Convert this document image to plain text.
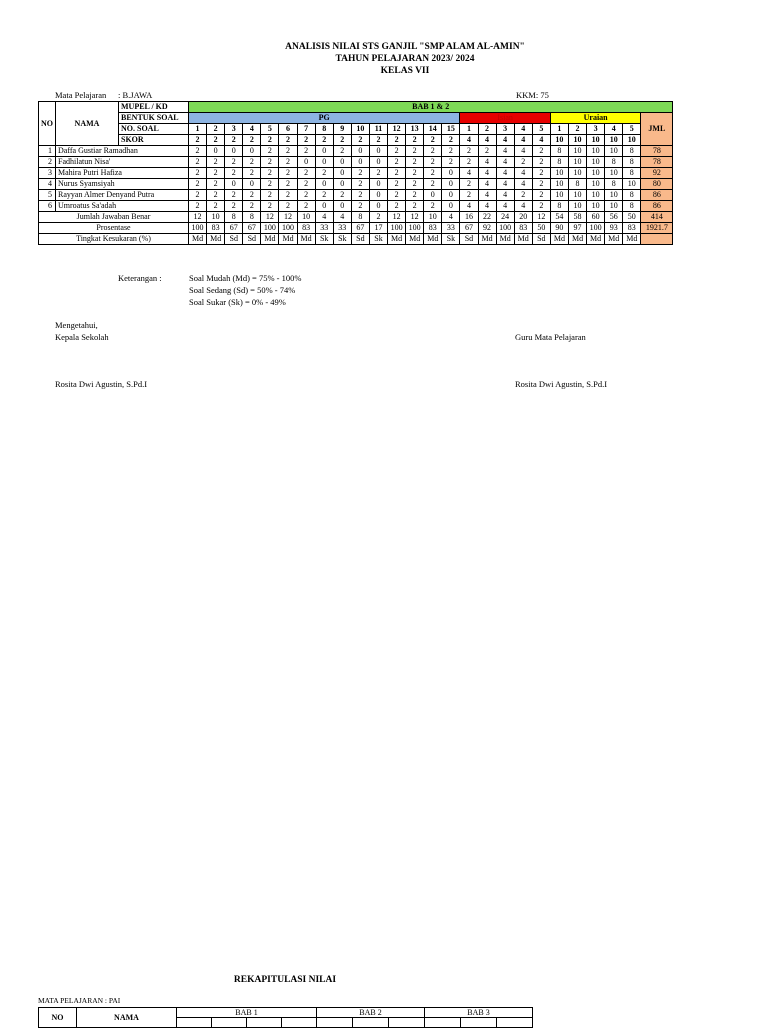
ANALISIS NILAI STS GANJIL "SMP ALAM AL-AMIN"
TAHUN PELAJARAN 2023/ 2024
KELAS VII
Mata Pelajaran : B.JAWA	KKM: 75
NO	NAMA	MUPEL / KD	BAB 1 & 2																									
		BENTUK SOAL	PG															Isian					Uraian					JML
		NO. SOAL	1	2	3	4	5	6	7	8	9	10	11	12	13	14	15	1	2	3	4	5	1	2	3	4	5	
		SKOR	2	2	2	2	2	2	2	2	2	2	2	2	2	2	2	4	4	4	4	4	10	10	10	10	10	
1	Daffa Gustiar Ramadhan		2	0	0	0	2	2	2	0	2	0	0	2	2	2	2	2	2	4	4	2	8	10	10	10	8	78
2	Fadhilatun Nisa'		2	2	2	2	2	2	0	0	0	0	0	2	2	2	2	2	4	4	2	2	8	10	10	8	8	78
3	Mahira Putri Hafiza		2	2	2	2	2	2	2	2	0	2	2	2	2	2	0	4	4	4	4	2	10	10	10	10	8	92
4	Nurus Syamsiyah		2	2	0	0	2	2	2	0	0	2	0	2	2	2	0	2	4	4	4	2	10	8	10	8	10	80
5	Rayyan Almer Denyand Putra		2	2	2	2	2	2	2	2	2	2	0	2	2	0	0	2	4	4	2	2	10	10	10	10	8	86
6	Umroatus Sa'adah		2	2	2	2	2	2	2	0	0	2	0	2	2	2	0	4	4	4	4	2	8	10	10	10	8	86
Jumlah Jawaban Benar			12	10	8	8	12	12	10	4	4	8	2	12	12	10	4	16	22	24	20	12	54	58	60	56	50	414
Prosentase			100	83	67	67	100	100	83	33	33	67	17	100	100	83	33	67	92	100	83	50	90	97	100	93	83	1921.7
Tingkat Kesukaran (%)			Md	Md	Sd	Sd	Md	Md	Md	Sk	Sk	Sd	Sk	Md	Md	Md	Sk	Sd	Md	Md	Md	Sd	Md	Md	Md	Md	Md	
Keterangan :	Soal Mudah (Md) = 75% - 100%
Soal Sedang (Sd) = 50% - 74%
Soal Sukar (Sk) = 0% - 49%
Mengetahui,
Kepala Sekolah	Guru Mata Pelajaran
Rosita Dwi Agustin, S.Pd.I	Rosita Dwi Agustin, S.Pd.I
REKAPITULASI NILAI
MATA PELAJARAN : PAI
NO	NAMA	BAB 1				BAB 2			BAB 3		
